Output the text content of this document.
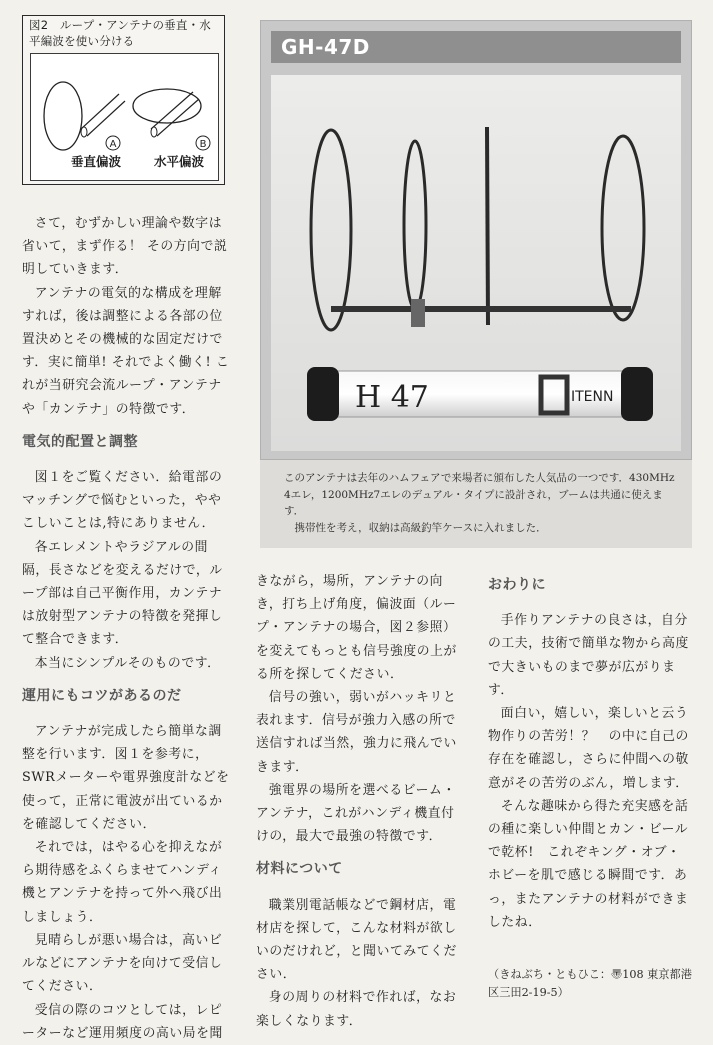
図2　ループ・アンテナの垂直・水平編波を使い分ける
A	B
垂直偏波	水平偏波
GH-47D
H 47	ITENN

このアンテナは去年のハムフェアで来場者に頒布した人気品の一つです．430MHz 4エレ，1200MHz7エレのデュアル・タイプに設計され，ブームは共通に使えます．

携帯性を考え，収納は高級釣竿ケースに入れました．

さて，むずかしい理論や数字は省いて，まず作る！ その方向で説明していきます．

アンテナの電気的な構成を理解すれば，後は調整による各部の位置決めとその機械的な固定だけです．実に簡単! それでよく働く! これが当研究会流ループ・アンテナや「カンテナ」の特徴です．

電気的配置と調整

図１をご覧ください．給電部のマッチングで悩むといった，ややこしいことは,特にありません．

各エレメントやラジアルの間隔，長さなどを変えるだけで，ループ部は自己平衡作用，カンテナは放射型アンテナの特徴を発揮して整合できます．

本当にシンプルそのものです．

運用にもコツがあるのだ

アンテナが完成したら簡単な調整を行います．図１を参考に，SWRメーターや電界強度計などを使って，正常に電波が出ているかを確認してください．

それでは，はやる心を抑えながら期待感をふくらませてハンディ機とアンテナを持って外へ飛び出しましょう．

見晴らしが悪い場合は，高いビルなどにアンテナを向けて受信してください．

受信の際のコツとしては，レピーターなど運用頻度の高い局を聞

きながら，場所，アンテナの向き，打ち上げ角度，偏波面（ループ・アンテナの場合，図２参照）を変えてもっとも信号強度の上がる所を探してください．

信号の強い，弱いがハッキリと表れます．信号が強力入感の所で送信すれば当然，強力に飛んでいきます．

強電界の場所を選べるビーム・アンテナ，これがハンディ機直付けの，最大で最強の特徴です．

材料について

職業別電話帳などで鋼材店，電材店を探して，こんな材料が欲しいのだけれど，と聞いてみてください．

身の周りの材料で作れば，なお楽しくなります．

おわりに

手作りアンテナの良さは，自分の工夫，技術で簡単な物から高度で大きいものまで夢が広がります．

面白い，嬉しい，楽しいと云う物作りの苦労！？　の中に自己の存在を確認し，さらに仲間への敬意がその苦労のぶん，増します．

そんな趣味から得た充実感を話の種に楽しい仲間とカン・ビールで乾杯!　これぞキング・オブ・ホビーを肌で感じる瞬間です．あっ，またアンテナの材料ができましたね．

（きねぶち・ともひこ：〠108 東京都港区三田2-19-5）
